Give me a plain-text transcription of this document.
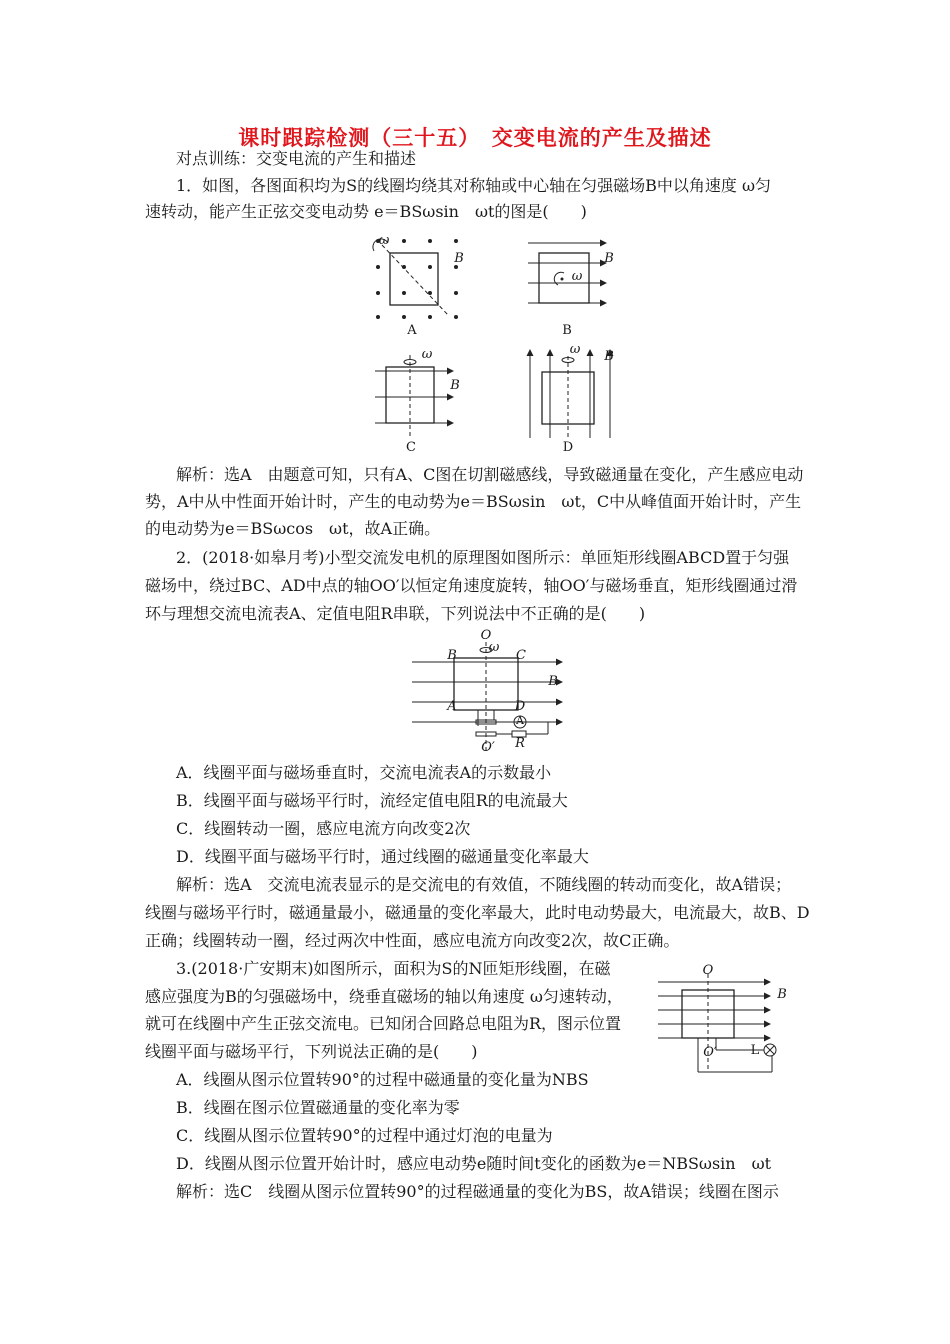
课时跟踪检测（三十五）　交变电流的产生及描述
对点训练：交变电流的产生和描述
1．如图，各图面积均为S的线圈均绕其对称轴或中心轴在匀强磁场B中以角速度 ω匀
速转动，能产生正弦交变电动势 e＝BSωsin　ωt的图是(　　)
ω
B
A
ω
B
B
ω
B
C
ω	B
D
解析：选A　由题意可知，只有A、C图在切割磁感线，导致磁通量在变化，产生感应电动
势，A中从中性面开始计时，产生的电动势为e＝BSωsin　ωt，C中从峰值面开始计时，产生
的电动势为e＝BSωcos　ωt，故A正确。
2．(2018·如皋月考)小型交流发电机的原理图如图所示：单匝矩形线圈ABCD置于匀强
磁场中，绕过BC、AD中点的轴OO′以恒定角速度旋转，轴OO′与磁场垂直，矩形线圈通过滑
环与理想交流电流表A、定值电阻R串联，下列说法中不正确的是(　　)
O
ω
B	C
B
A	D
A
O′	R
A．线圈平面与磁场垂直时，交流电流表A的示数最小
B．线圈平面与磁场平行时，流经定值电阻R的电流最大
C．线圈转动一圈，感应电流方向改变2次
D．线圈平面与磁场平行时，通过线圈的磁通量变化率最大
解析：选A　交流电流表显示的是交流电的有效值，不随线圈的转动而变化，故A错误；
线圈与磁场平行时，磁通量最小，磁通量的变化率最大，此时电动势最大，电流最大，故B、D
正确；线圈转动一圈，经过两次中性面，感应电流方向改变2次，故C正确。
3.(2018·广安期末)如图所示，面积为S的N匝矩形线圈，在磁
感应强度为B的匀强磁场中，绕垂直磁场的轴以角速度 ω匀速转动，
就可在线圈中产生正弦交流电。已知闭合回路总电阻为R，图示位置
线圈平面与磁场平行，下列说法正确的是(　　)
O
B
O′	L
A．线圈从图示位置转90°的过程中磁通量的变化量为NBS
B．线圈在图示位置磁通量的变化率为零
C．线圈从图示位置转90°的过程中通过灯泡的电量为
D．线圈从图示位置开始计时，感应电动势e随时间t变化的函数为e＝NBSωsin　ωt
解析：选C　线圈从图示位置转90°的过程磁通量的变化为BS，故A错误；线圈在图示
